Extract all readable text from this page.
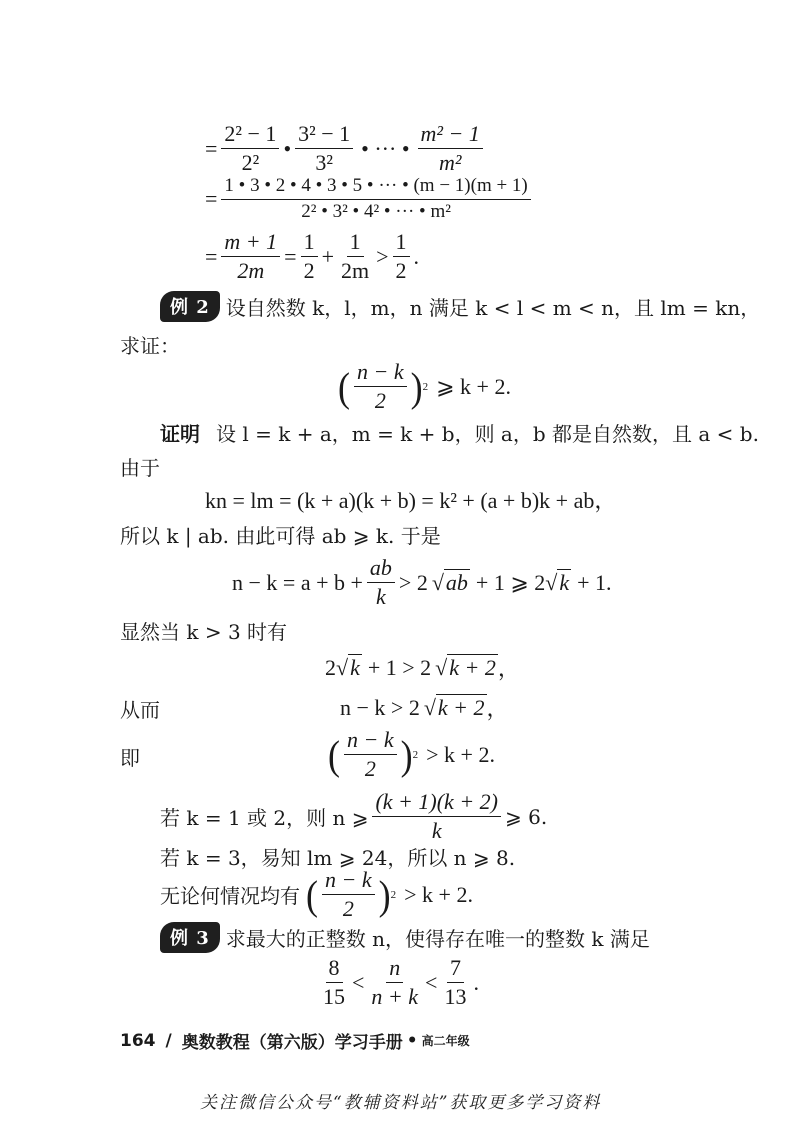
= $\frac{\text{2² − 1}}{\text{2²}}$ • $\frac{\text{3² − 1}}{\text{3²}}$ • ··· • $\frac{\text{m² − 1}}{\text{m²}}$
= $\frac{1 • 3 • 2 • 4 • 3 • 5 • \cdot\cdot\cdot • (m - 1)(m + 1)}{\text{2² • 3² • 4² • ··· • m²}}$
= $\frac{m + 1}{2m} = \frac{1}{2} + \frac{1}{2m} > \frac{1}{2}$ .
例 2 设自然数 k，l，m，n 满足 k < l < m < n，且 lm = kn，
求证：
( $\frac{n - k}{2}$ ) 2 ⩾ k + 2.
证明 设 l = k + a，m = k + b，则 a，b 都是自然数，且 a < b.
由于
kn = lm = (k + a)(k + b) = k² + (a + b)k + ab，
所以 k | ab. 由此可得 ab ⩾ k. 于是
$n - k = a + b + \frac{ab}{k} > 2$ √ ab + 1 ⩾ 2 √ k + 1.
显然当 k > 3 时有
2 √ k + 1 > 2 √ k + 2 ，
从而	n − k > 2 √ k + 2 ，
即	( $\frac{n - k}{2}$ ) 2 > k + 2.
若 k = 1 或 2，则 n ⩾ $\frac{(k + 1)(k + 2)}{k}$ ⩾ 6.
若 k = 3，易知 lm ⩾ 24，所以 n ⩾ 8.
无论何情况均有 ( $\frac{n - k}{2}$ ) 2 > k + 2.
例 3 求最大的正整数 n，使得存在唯一的整数 k 满足
$\frac{8}{15} < \frac{n}{n + k} < \frac{7}{13}$ .
164 / 奥数教程（第六版）学习手册 • 高二年级
关注微信公众号“教辅资料站”获取更多学习资料
